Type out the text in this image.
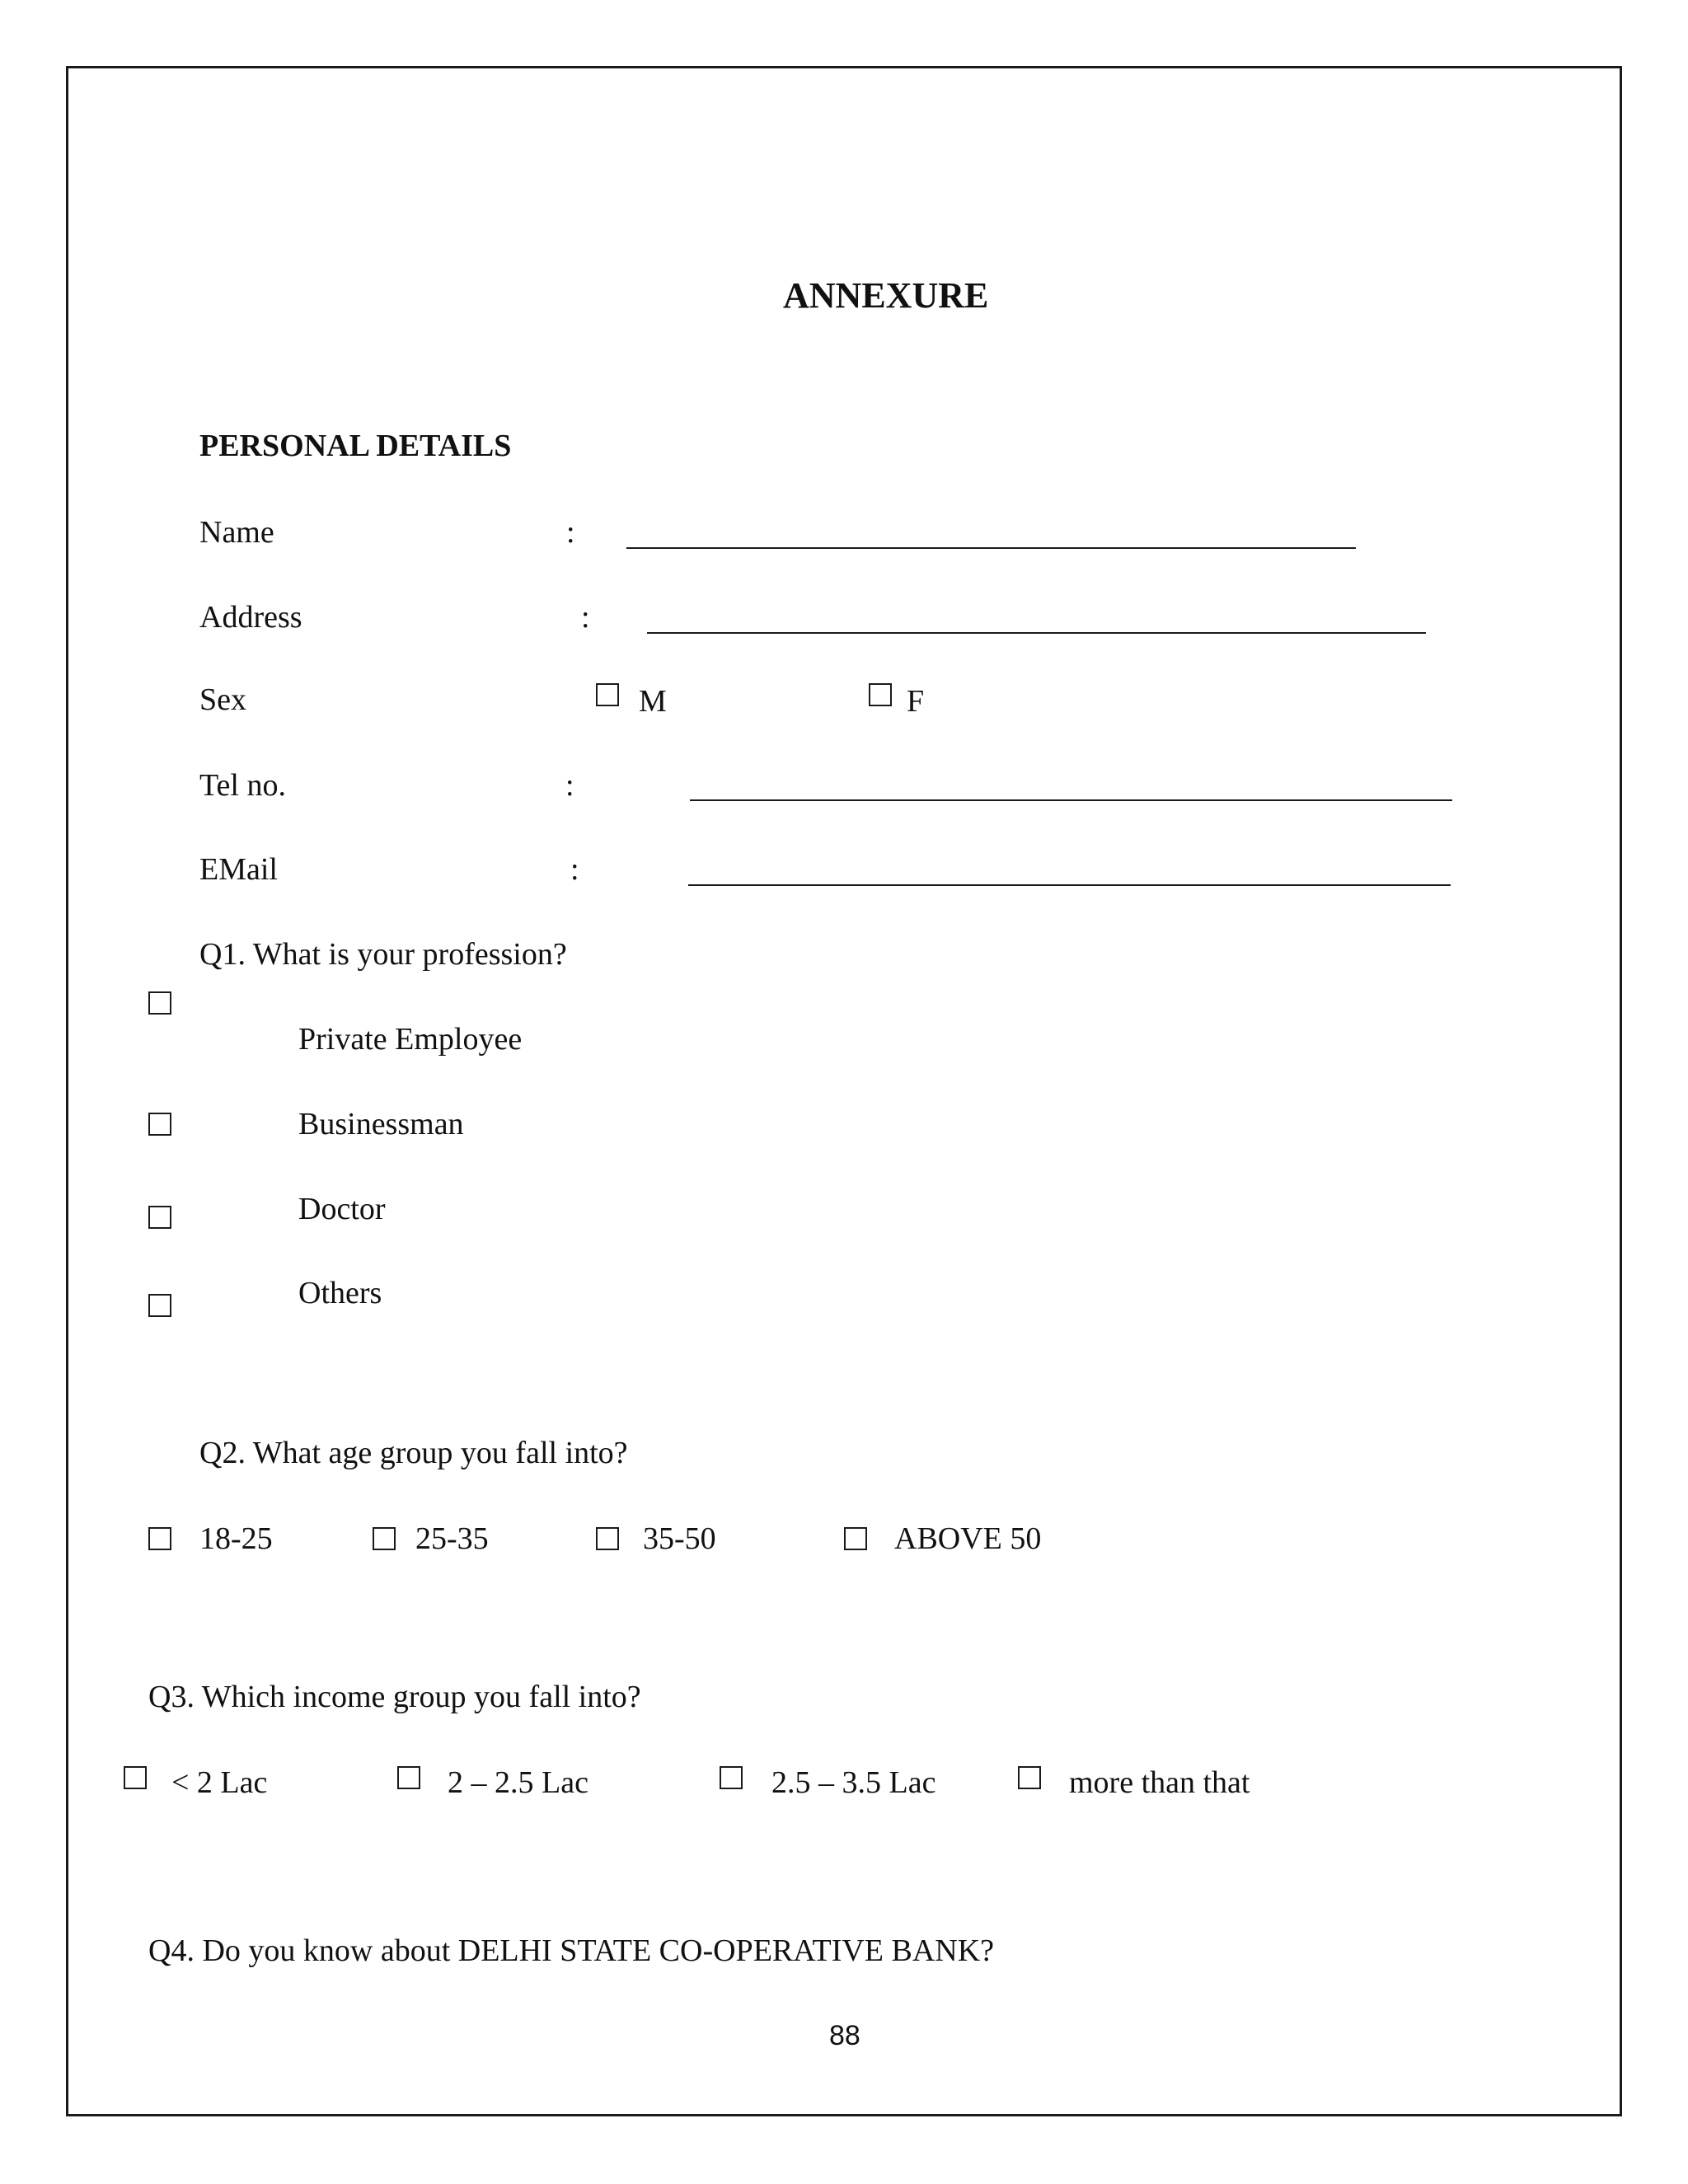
ANNEXURE
PERSONAL DETAILS
Name	:
Address	:
Sex	M	F
Tel no.	:
EMail	:
Q1. What is your profession?
Private Employee
Businessman
Doctor
Others
Q2. What age group you fall into?
18-25	25-35	35-50	ABOVE 50
Q3. Which income group you fall into?
< 2 Lac	2 – 2.5 Lac	2.5 – 3.5 Lac	more than that
Q4. Do you know about DELHI STATE CO-OPERATIVE BANK?
88
